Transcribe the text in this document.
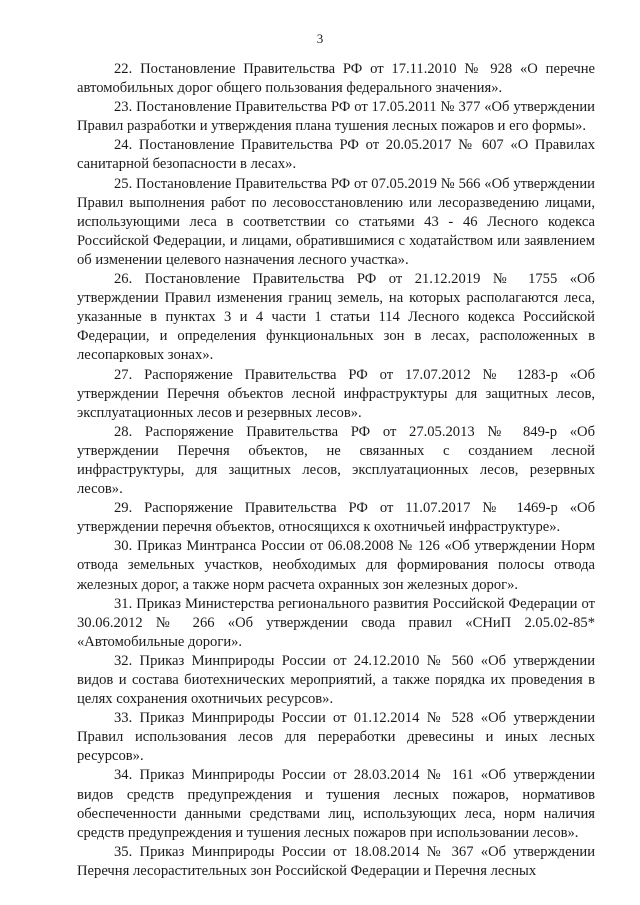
3

22. Постановление Правительства РФ от 17.11.2010 № 928 «О перечне автомобильных дорог общего пользования федерального значения».

23. Постановление Правительства РФ от 17.05.2011 № 377 «Об утверждении Правил разработки и утверждения плана тушения лесных пожаров и его формы».

24. Постановление Правительства РФ от 20.05.2017 № 607 «О Правилах санитарной безопасности в лесах».

25. Постановление Правительства РФ от 07.05.2019 № 566 «Об утверждении Правил выполнения работ по лесовосстановлению или лесоразведению лицами, использующими леса в соответствии со статьями 43 - 46 Лесного кодекса Российской Федерации, и лицами, обратившимися с ходатайством или заявлением об изменении целевого назначения лесного участка».

26. Постановление Правительства РФ от 21.12.2019 № 1755 «Об утверждении Правил изменения границ земель, на которых располагаются леса, указанные в пунктах 3 и 4 части 1 статьи 114 Лесного кодекса Российской Федерации, и определения функциональных зон в лесах, расположенных в лесопарковых зонах».

27. Распоряжение Правительства РФ от 17.07.2012 № 1283-р «Об утверждении Перечня объектов лесной инфраструктуры для защитных лесов, эксплуатационных лесов и резервных лесов».

28. Распоряжение Правительства РФ от 27.05.2013 № 849-р «Об утверждении Перечня объектов, не связанных с созданием лесной инфраструктуры, для защитных лесов, эксплуатационных лесов, резервных лесов».

29. Распоряжение Правительства РФ от 11.07.2017 № 1469-р «Об утверждении перечня объектов, относящихся к охотничьей инфраструктуре».

30. Приказ Минтранса России от 06.08.2008 № 126 «Об утверждении Норм отвода земельных участков, необходимых для формирования полосы отвода железных дорог, а также норм расчета охранных зон железных дорог».

31. Приказ Министерства регионального развития Российской Федерации от 30.06.2012 № 266 «Об утверждении свода правил «СНиП 2.05.02-85* «Автомобильные дороги».

32. Приказ Минприроды России от 24.12.2010 № 560 «Об утверждении видов и состава биотехнических мероприятий, а также порядка их проведения в целях сохранения охотничьих ресурсов».

33. Приказ Минприроды России от 01.12.2014 № 528 «Об утверждении Правил использования лесов для переработки древесины и иных лесных ресурсов».

34. Приказ Минприроды России от 28.03.2014 № 161 «Об утверждении видов средств предупреждения и тушения лесных пожаров, нормативов обеспеченности данными средствами лиц, использующих леса, норм наличия средств предупреждения и тушения лесных пожаров при использовании лесов».

35. Приказ Минприроды России от 18.08.2014 № 367 «Об утверждении Перечня лесорастительных зон Российской Федерации и Перечня лесных
